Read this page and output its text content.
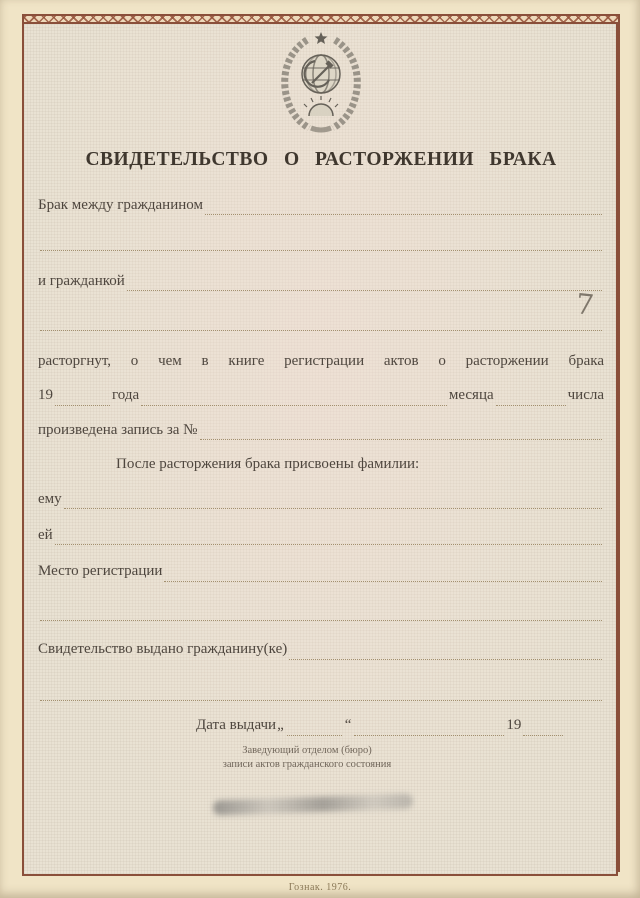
СВИДЕТЕЛЬСТВО О РАСТОРЖЕНИИ БРАКА
Брак между гражданином
и гражданкой
расторгнут, о чем в книге регистрации актов о расторжении брака
19	года	месяца	числа
произведена запись за №
После расторжения брака присвоены фамилии:
ему
ей
Место регистрации
Свидетельство выдано гражданину(ке)
Дата выдачи „	“	19
Заведующий отделом (бюро)
записи актов гражданского состояния
7
Гознак. 1976.
